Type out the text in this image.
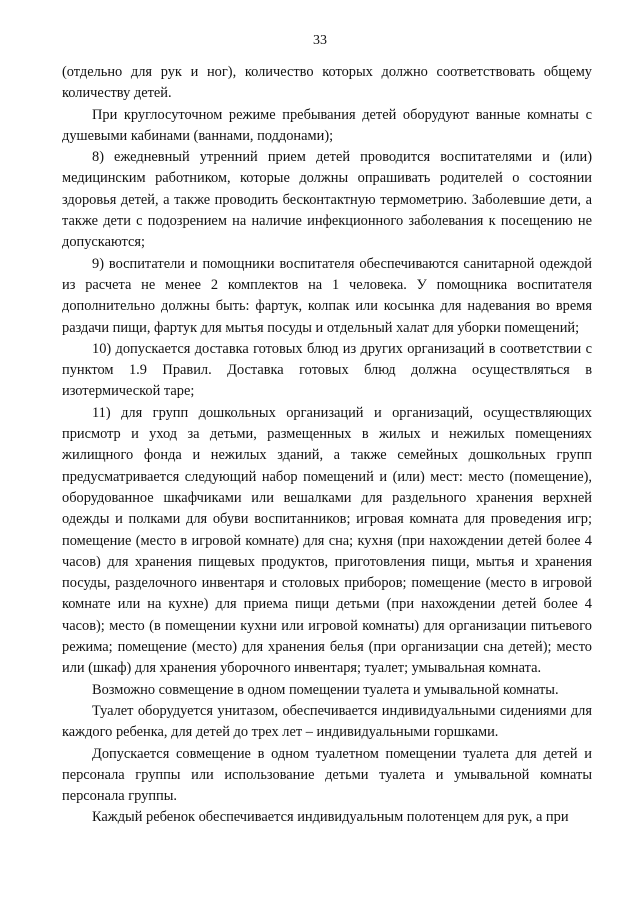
33

(отдельно для рук и ног), количество которых должно соответствовать общему количеству детей.

При круглосуточном режиме пребывания детей оборудуют ванные комнаты с душевыми кабинами (ваннами, поддонами);

8) ежедневный утренний прием детей проводится воспитателями и (или) медицинским работником, которые должны опрашивать родителей о состоянии здоровья детей, а также проводить бесконтактную термометрию. Заболевшие дети, а также дети с подозрением на наличие инфекционного заболевания к посещению не допускаются;

9) воспитатели и помощники воспитателя обеспечиваются санитарной одеждой из расчета не менее 2 комплектов на 1 человека. У помощника воспитателя дополнительно должны быть: фартук, колпак или косынка для надевания во время раздачи пищи, фартук для мытья посуды и отдельный халат для уборки помещений;

10) допускается доставка готовых блюд из других организаций в соответствии с пунктом 1.9 Правил. Доставка готовых блюд должна осуществляться в изотермической таре;

11) для групп дошкольных организаций и организаций, осуществляющих присмотр и уход за детьми, размещенных в жилых и нежилых помещениях жилищного фонда и нежилых зданий, а также семейных дошкольных групп предусматривается следующий набор помещений и (или) мест: место (помещение), оборудованное шкафчиками или вешалками для раздельного хранения верхней одежды и полками для обуви воспитанников; игровая комната для проведения игр; помещение (место в игровой комнате) для сна; кухня (при нахождении детей более 4 часов) для хранения пищевых продуктов, приготовления пищи, мытья и хранения посуды, разделочного инвентаря и столовых приборов; помещение (место в игровой комнате или на кухне) для приема пищи детьми (при нахождении детей более 4 часов); место (в помещении кухни или игровой комнаты) для организации питьевого режима; помещение (место) для хранения белья (при организации сна детей); место или (шкаф) для хранения уборочного инвентаря; туалет; умывальная комната.

Возможно совмещение в одном помещении туалета и умывальной комнаты.

Туалет оборудуется унитазом, обеспечивается индивидуальными сидениями для каждого ребенка, для детей до трех лет – индивидуальными горшками.

Допускается совмещение в одном туалетном помещении туалета для детей и персонала группы или использование детьми туалета и умывальной комнаты персонала группы.

Каждый ребенок обеспечивается индивидуальным полотенцем для рук, а при
